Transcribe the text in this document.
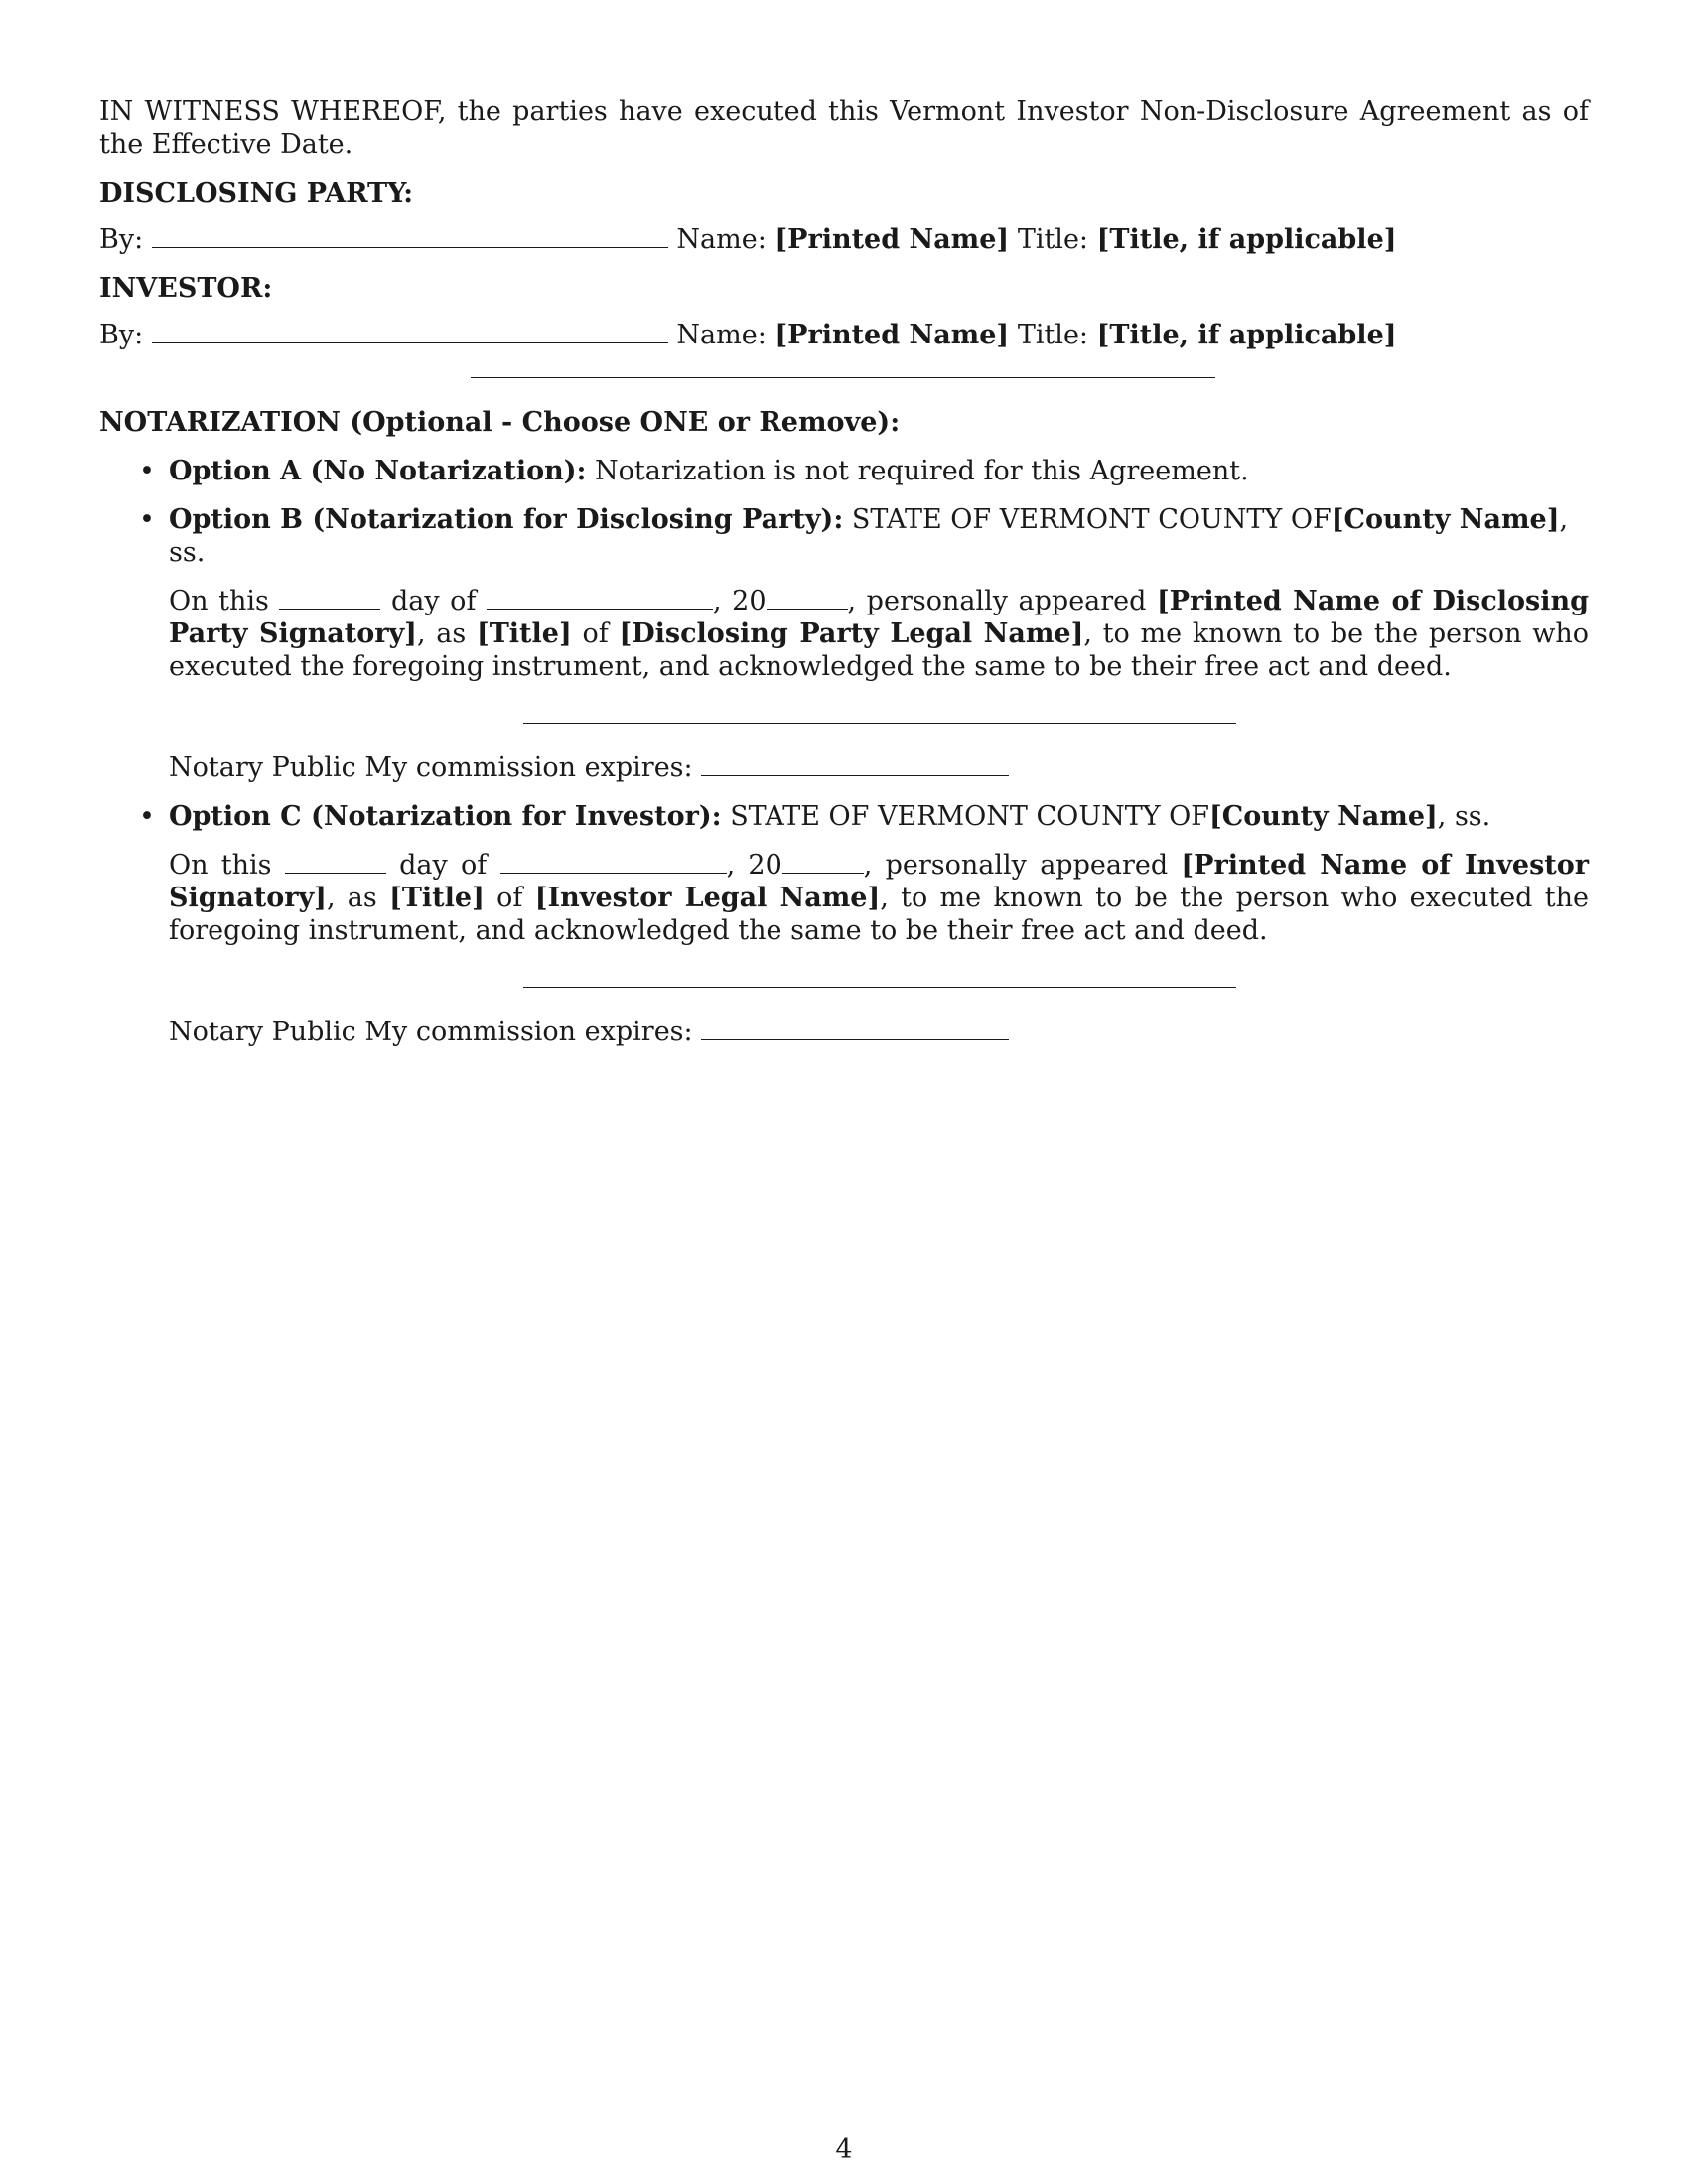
IN WITNESS WHEREOF, the parties have executed this Vermont Investor Non-Disclosure Agreement as of the Effective Date.

DISCLOSING PARTY:

By:	Name: [Printed Name] Title: [Title, if applicable]

INVESTOR:

By:	Name: [Printed Name] Title: [Title, if applicable]

NOTARIZATION (Optional - Choose ONE or Remove):

• Option A (No Notarization): Notarization is not required for this Agreement.
• Option B (Notarization for Disclosing Party): STATE OF VERMONT COUNTY OF[County Name], ss.

On this	day of	, 20	, personally appeared [Printed Name of Disclosing Party Signatory], as [Title] of [Disclosing Party Legal Name], to me known to be the person who executed the foregoing instrument, and acknowledged the same to be their free act and deed.

Notary Public My commission expires:

• Option C (Notarization for Investor): STATE OF VERMONT COUNTY OF[County Name], ss.

On this	day of	, 20	, personally appeared [Printed Name of Investor Signatory], as [Title] of [Investor Legal Name], to me known to be the person who executed the foregoing instrument, and acknowledged the same to be their free act and deed.

Notary Public My commission expires:

4
